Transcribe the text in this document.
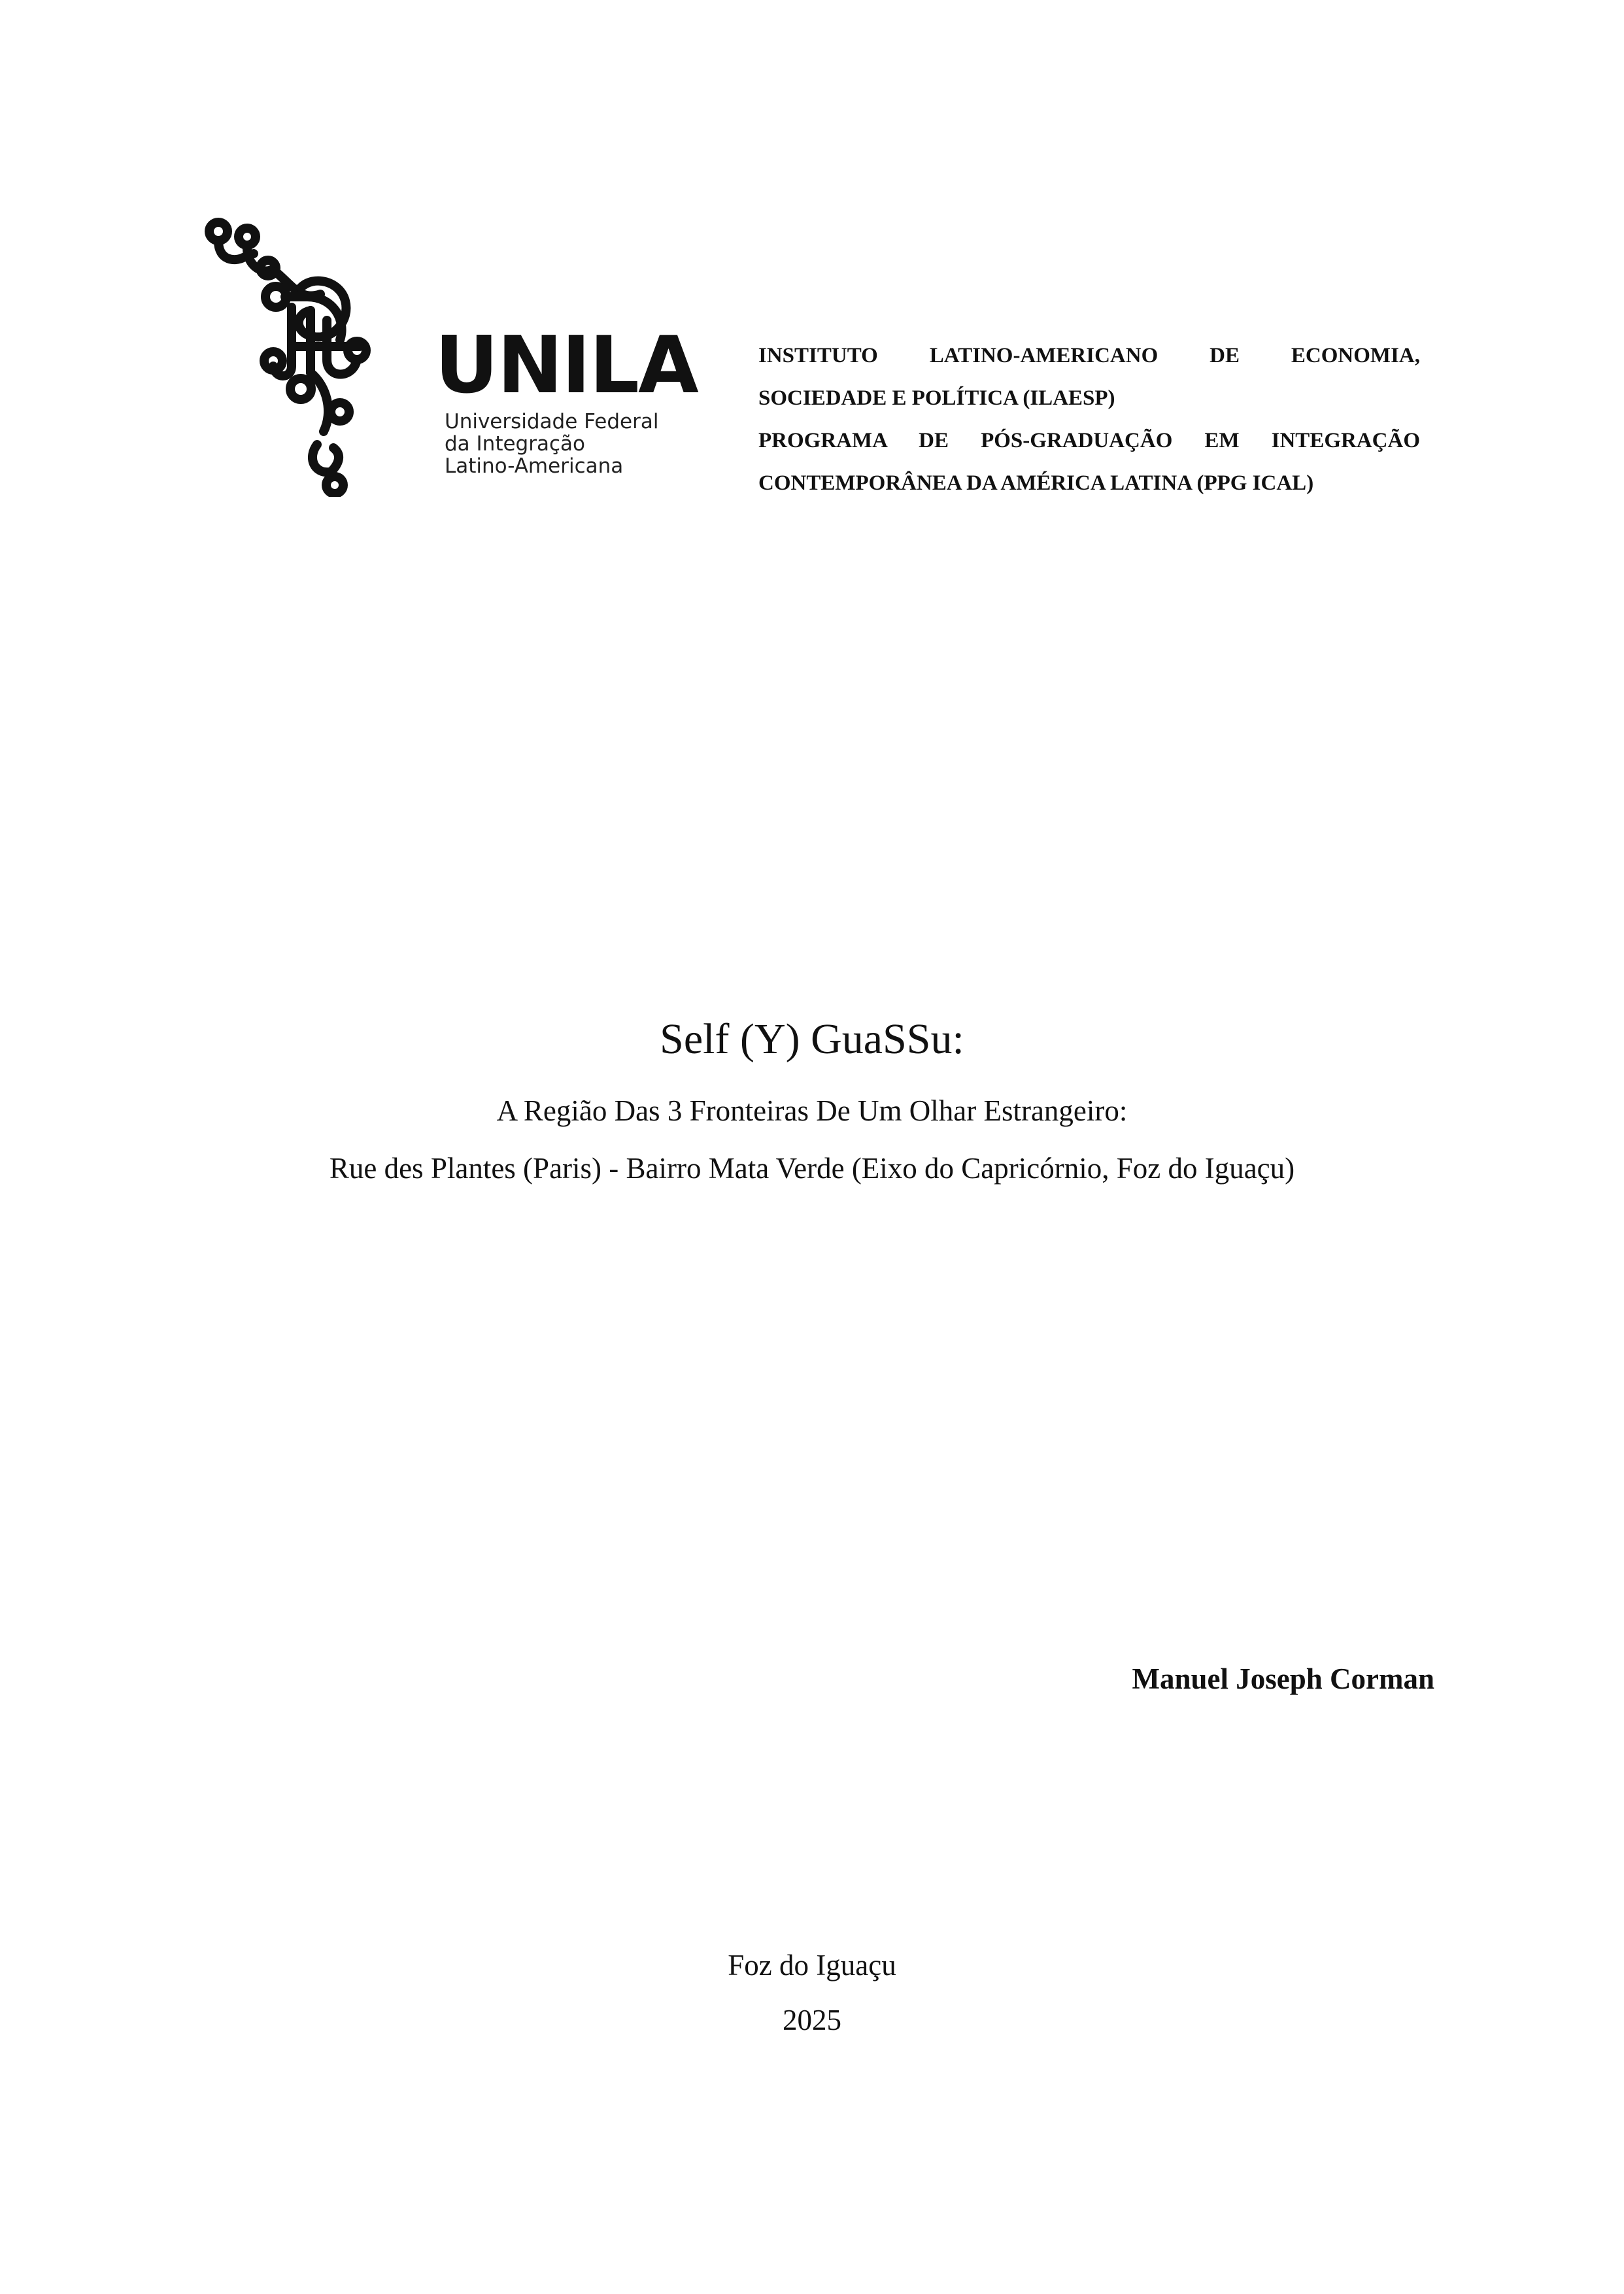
UNILA
Universidade Federal
da Integração
Latino-Americana
INSTITUTO LATINO-AMERICANO DE ECONOMIA,
SOCIEDADE E POLÍTICA (ILAESP)
PROGRAMA DE PÓS-GRADUAÇÃO EM INTEGRAÇÃO
CONTEMPORÂNEA DA AMÉRICA LATINA (PPG ICAL)
Self (Y) GuaSSu:
A Região Das 3 Fronteiras De Um Olhar Estrangeiro:
Rue des Plantes (Paris) - Bairro Mata Verde (Eixo do Capricórnio, Foz do Iguaçu)
Manuel Joseph Corman
Foz do Iguaçu
2025
